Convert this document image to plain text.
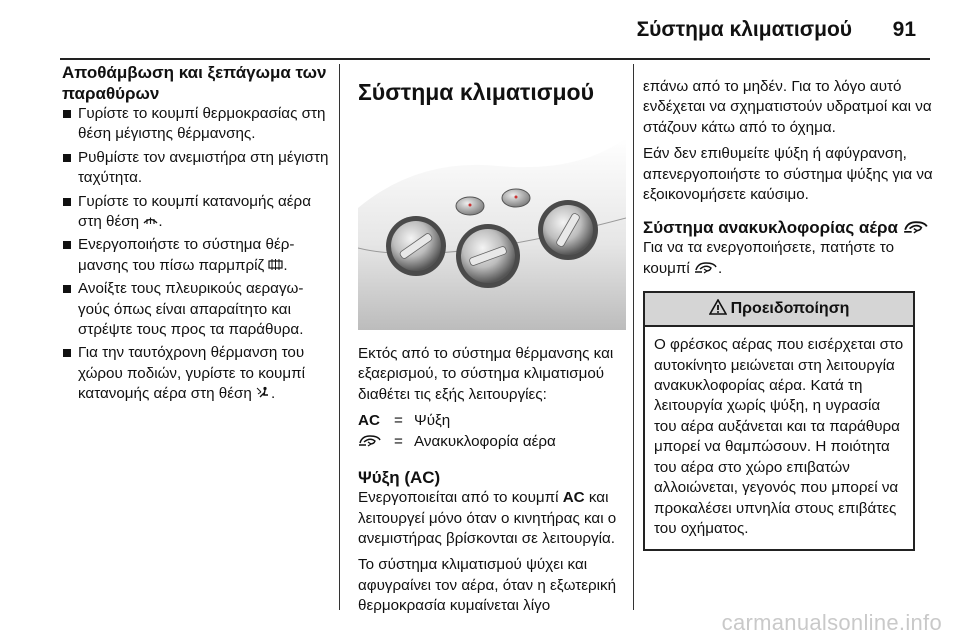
Σύστημα κλιματισμού 91
Αποθάμβωση και ξεπάγωμα των παραθύρων
Γυρίστε το κουμπί θερμοκρασίας στη θέση μέγιστης θέρμανσης.
Ρυθμίστε τον ανεμιστήρα στη μέγιστη ταχύτητα.
Γυρίστε το κουμπί κατανομής αέρα στη θέση .
Ενεργοποιήστε το σύστημα θέρμανσης του πίσω παρμπρίζ .
Ανοίξτε τους πλευρικούς αεραγωγούς όπως είναι απαραίτητο και στρέψτε τους προς τα παράθυρα.
Για την ταυτόχρονη θέρμανση του χώρου ποδιών, γυρίστε το κουμπί κατανομής αέρα στη θέση .
Σύστημα κλιματισμού

Εκτός από το σύστημα θέρμανσης και εξαερισμού, το σύστημα κλιματισμού διαθέτει τις εξής λειτουργίες:

AC = Ψύξη
= Ανακυκλοφορία αέρα
Ψύξη (AC)

Ενεργοποιείται από το κουμπί AC και λειτουργεί μόνο όταν ο κινητήρας και ο ανεμιστήρας βρίσκονται σε λειτουργία.

Το σύστημα κλιματισμού ψύχει και αφυγραίνει τον αέρα, όταν η εξωτερική θερμοκρασία κυμαίνεται λίγο

επάνω από το μηδέν. Για το λόγο αυτό ενδέχεται να σχηματιστούν υδρατμοί και να στάζουν κάτω από το όχημα.

Εάν δεν επιθυμείτε ψύξη ή αφύγρανση, απενεργοποιήστε το σύστημα ψύξης για να εξοικονομήσετε καύσιμο.

Σύστημα ανακυκλοφορίας αέρα

Για να τα ενεργοποιήσετε, πατήστε το κουμπί .

Προειδοποίηση
Ο φρέσκος αέρας που εισέρχεται στο αυτοκίνητο μειώνεται στη λειτουργία ανακυκλοφορίας αέρα. Κατά τη λειτουργία χωρίς ψύξη, η υγρασία του αέρα αυξάνεται και τα παράθυρα μπορεί να θαμπώσουν. Η ποιότητα του αέρα στο χώρο επιβατών αλλοιώνεται, γεγονός που μπορεί να προκαλέσει υπνηλία στους επιβάτες του οχήματος.
carmanualsonline.info
